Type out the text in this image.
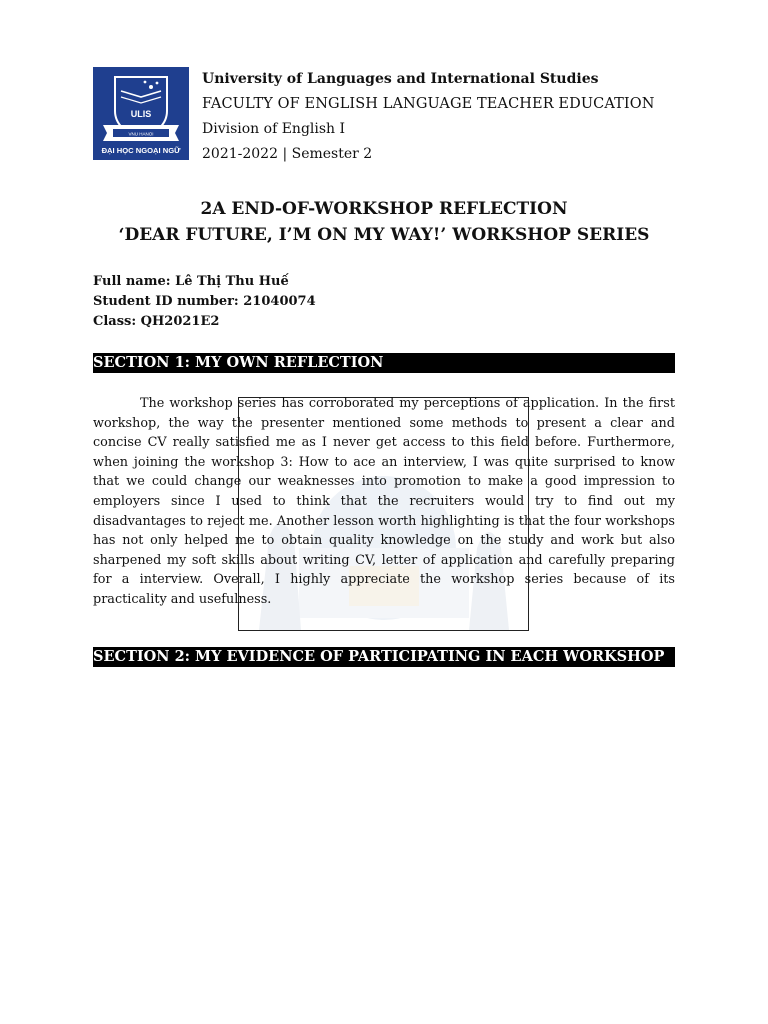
ULIS
VNU HANOI
ĐẠI HỌC NGOẠI NGỮ
University of Languages and International Studies
FACULTY OF ENGLISH LANGUAGE TEACHER EDUCATION
Division of English I
2021-2022 | Semester 2
2A END-OF-WORKSHOP REFLECTION
‘DEAR FUTURE, I’M ON MY WAY!’ WORKSHOP SERIES
Full name: Lê Thị Thu Huế
Student ID number: 21040074
Class: QH2021E2
SECTION 1: MY OWN REFLECTION
The workshop series has corroborated my perceptions of application. In the first workshop, the way the presenter mentioned some methods to present a clear and concise CV really satisfied me as I never get access to this field before. Furthermore, when joining the workshop 3: How to ace an interview, I was quite surprised to know that we could change our weaknesses into promotion to make a good impression to employers since I used to think that the recruiters would try to find out my disadvantages to reject me. Another lesson worth highlighting is that the four workshops has not only helped me to obtain quality knowledge on the study and work but also sharpened my soft skills about writing CV, letter of application and carefully preparing for a interview. Overall, I highly appreciate the workshop series because of its practicality and usefulness.
SECTION 2: MY EVIDENCE OF PARTICIPATING IN EACH WORKSHOP
